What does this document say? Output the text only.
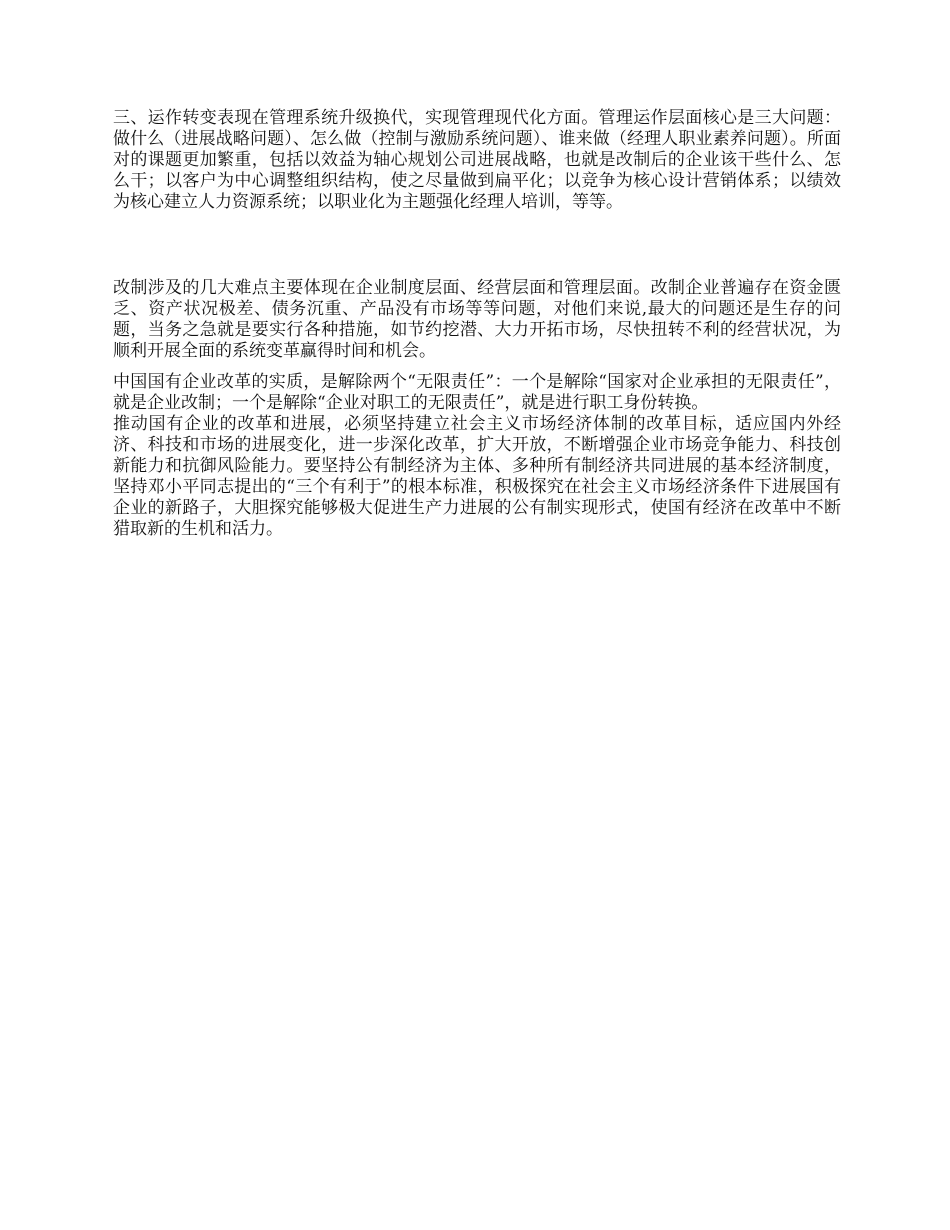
三、运作转变表现在管理系统升级换代，实现管理现代化方面。管理运作层面核心是三大问题：做什么（进展战略问题）、怎么做（控制与激励系统问题）、谁来做（经理人职业素养问题）。所面对的课题更加繁重，包括以效益为轴心规划公司进展战略，也就是改制后的企业该干些什么、怎么干；以客户为中心调整组织结构，使之尽量做到扁平化；以竞争为核心设计营销体系；以绩效为核心建立人力资源系统；以职业化为主题强化经理人培训，等等。

改制涉及的几大难点主要体现在企业制度层面、经营层面和管理层面。改制企业普遍存在资金匮乏、资产状况极差、债务沉重、产品没有市场等等问题，对他们来说,最大的问题还是生存的问题，当务之急就是要实行各种措施，如节约挖潜、大力开拓市场，尽快扭转不利的经营状况，为顺利开展全面的系统变革赢得时间和机会。

中国国有企业改革的实质，是解除两个“无限责任”：一个是解除“国家对企业承担的无限责任”，就是企业改制；一个是解除“企业对职工的无限责任”，就是进行职工身份转换。

推动国有企业的改革和进展，必须坚持建立社会主义市场经济体制的改革目标，适应国内外经济、科技和市场的进展变化，进一步深化改革，扩大开放，不断增强企业市场竞争能力、科技创新能力和抗御风险能力。要坚持公有制经济为主体、多种所有制经济共同进展的基本经济制度，坚持邓小平同志提出的“三个有利于”的根本标准，积极探究在社会主义市场经济条件下进展国有企业的新路子，大胆探究能够极大促进生产力进展的公有制实现形式，使国有经济在改革中不断猎取新的生机和活力。
